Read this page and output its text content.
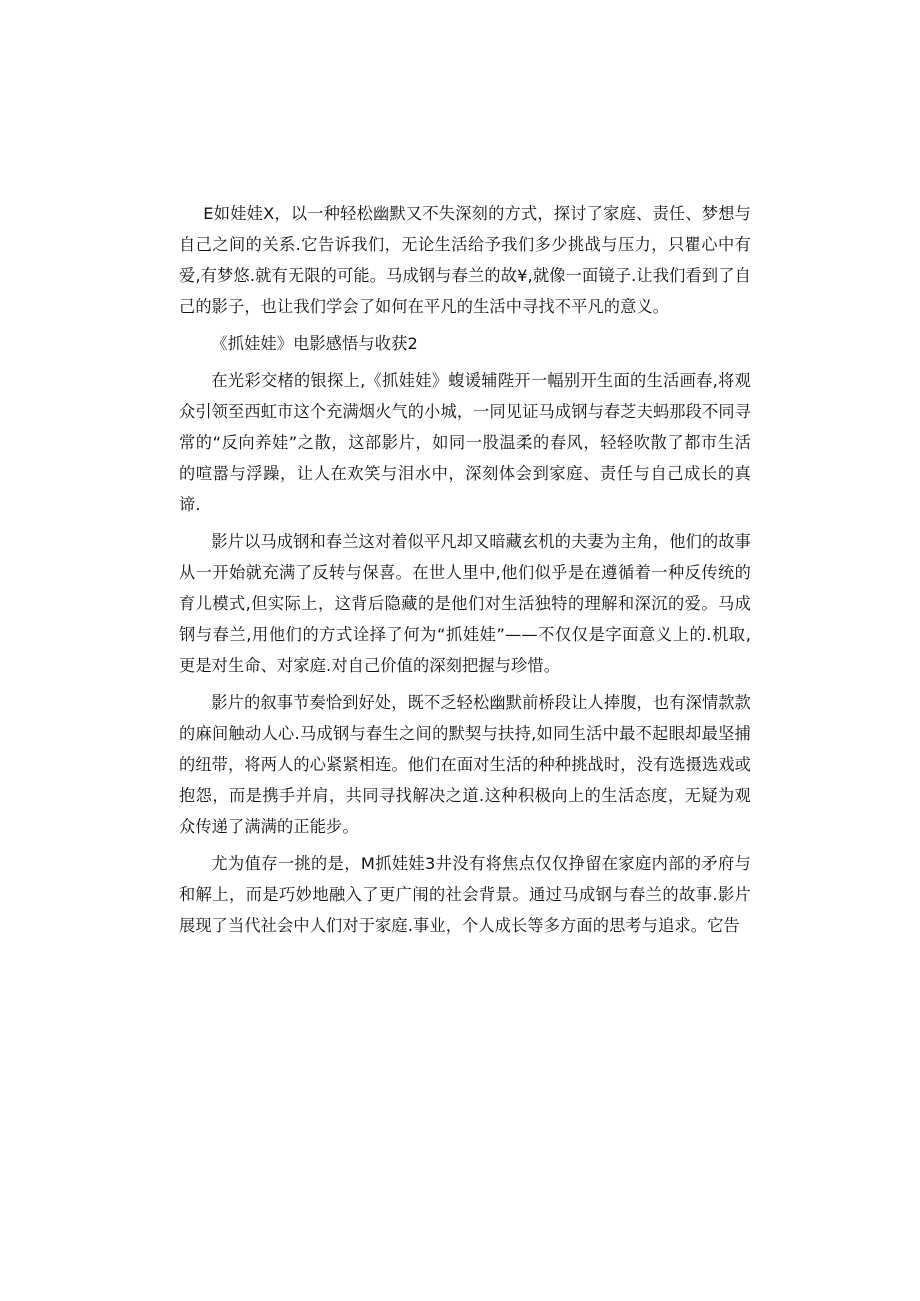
E如娃娃X，以一种轻松幽默又不失深刻的方式，探讨了家庭、责任、梦想与自己之间的关系.它告诉我们，无论生活给予我们多少挑战与压力，只瞿心中有爱,有梦悠.就有无限的可能。马成钢与春兰的故¥,就像一面镜子.让我们看到了自己的影子，也让我们学会了如何在平凡的生活中寻找不平凡的意义。

《抓娃娃》电影感悟与收获2

在光彩交楮的银探上,《抓娃娃》蝮谖辅陛开一幅别开生面的生活画春,将观众引领至西虹市这个充满烟火气的小城，一同见证马成钢与春芝夫蚂那段不同寻常的“反向养娃”之散，这部影片，如同一股温柔的春风，轻轻吹散了都市生活的喧嚣与浮躁，让人在欢笑与泪水中，深刻体会到家庭、责任与自己成长的真谛.

影片以马成钢和春兰这对着似平凡却又暗藏玄机的夫妻为主角，他们的故事从一开始就充满了反转与保喜。在世人里中,他们似乎是在遵循着一种反传统的育儿模式,但实际上，这背后隐藏的是他们对生活独特的理解和深沉的爱。马成钢与春兰,用他们的方式诠择了何为“抓娃娃”——不仅仅是字面意义上的.机取,更是对生命、对家庭.对自己价值的深刻把握与珍惜。

影片的叙事节奏恰到好处，既不乏轻松幽默前桥段让人捧腹，也有深情款款的麻间触动人心.马成钢与春生之间的默契与扶持,如同生活中最不起眼却最坚捕的纽带，将两人的心紧紧相连。他们在面对生活的种种挑战时，没有选摄选戏或抱怨，而是携手并肩，共同寻找解决之道.这种积极向上的生活态度，无疑为观众传递了满满的正能步。

尤为值存一挑的是，M抓娃娃3井没有将焦点仅仅挣留在家庭内部的矛府与和解上，而是巧妙地融入了更广闱的社会背景。通过马成钢与春兰的故事.影片展现了当代社会中人们对于家庭.事业，个人成长等多方面的思考与追求。它告
